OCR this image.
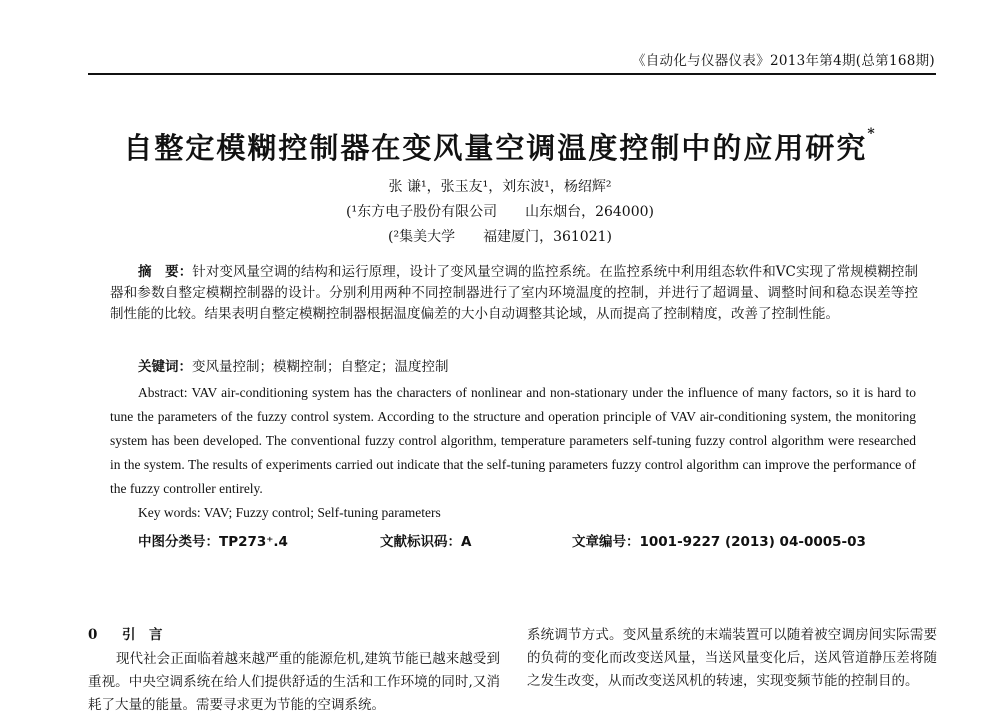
《自动化与仪器仪表》2013年第4期(总第168期)
自整定模糊控制器在变风量空调温度控制中的应用研究*
张 谦¹，张玉友¹，刘东波¹，杨绍辉²
(¹东方电子股份有限公司　　山东烟台，264000)
(²集美大学　　福建厦门，361021)
摘　要：针对变风量空调的结构和运行原理，设计了变风量空调的监控系统。在监控系统中利用组态软件和VC实现了常规模糊控制器和参数自整定模糊控制器的设计。分别利用两种不同控制器进行了室内环境温度的控制，并进行了超调量、调整时间和稳态误差等控制性能的比较。结果表明自整定模糊控制器根据温度偏差的大小自动调整其论域，从而提高了控制精度，改善了控制性能。
关键词：变风量控制；模糊控制；自整定；温度控制
Abstract: VAV air-conditioning system has the characters of nonlinear and non-stationary under the influence of many factors, so it is hard to tune the parameters of the fuzzy control system. According to the structure and operation principle of VAV air-conditioning system, the monitoring system has been developed. The conventional fuzzy control algorithm, temperature parameters self-tuning fuzzy control algorithm were researched in the system. The results of experiments carried out indicate that the self-tuning parameters fuzzy control algorithm can improve the performance of the fuzzy controller entirely.
Key words: VAV; Fuzzy control; Self-tuning parameters
中图分类号：TP273⁺.4	文献标识码：A	文章编号：1001-9227 (2013) 04-0005-03
0 引　言
现代社会正面临着越来越严重的能源危机,建筑节能已越来越受到重视。中央空调系统在给人们提供舒适的生活和工作环境的同时,又消耗了大量的能量。需要寻求更为节能的空调系统。
系统调节方式。变风量系统的末端装置可以随着被空调房间实际需要的负荷的变化而改变送风量，当送风量变化后，送风管道静压差将随之发生改变，从而改变送风机的转速，实现变频节能的控制目的。
